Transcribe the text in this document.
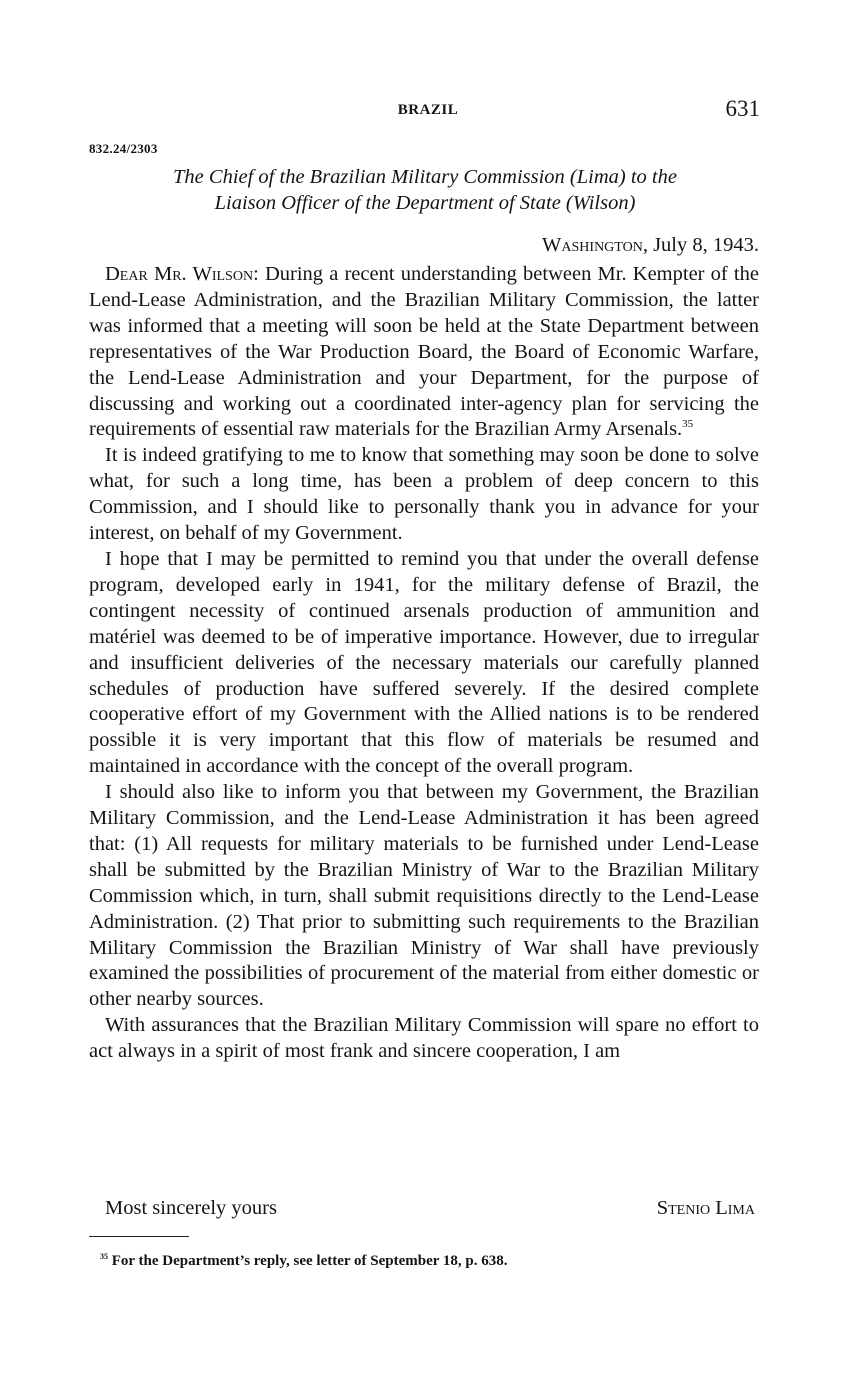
BRAZIL	631
832.24/2303
The Chief of the Brazilian Military Commission (Lima) to the
Liaison Officer of the Department of State (Wilson)
Washington, July 8, 1943.

Dear Mr. Wilson: During a recent understanding between Mr. Kempter of the Lend-Lease Administration, and the Brazilian Military Commission, the latter was informed that a meeting will soon be held at the State Department between representatives of the War Production Board, the Board of Economic Warfare, the Lend-Lease Administration and your Department, for the purpose of discussing and working out a coordinated inter-agency plan for servicing the requirements of essential raw materials for the Brazilian Army Arsenals.$^{35}$

It is indeed gratifying to me to know that something may soon be done to solve what, for such a long time, has been a problem of deep concern to this Commission, and I should like to personally thank you in advance for your interest, on behalf of my Government.

I hope that I may be permitted to remind you that under the overall defense program, developed early in 1941, for the military defense of Brazil, the contingent necessity of continued arsenals production of ammunition and matériel was deemed to be of imperative importance. However, due to irregular and insufficient deliveries of the necessary materials our carefully planned schedules of production have suffered severely. If the desired complete cooperative effort of my Government with the Allied nations is to be rendered possible it is very important that this flow of materials be resumed and maintained in accordance with the concept of the overall program.

I should also like to inform you that between my Government, the Brazilian Military Commission, and the Lend-Lease Administration it has been agreed that: (1) All requests for military materials to be furnished under Lend-Lease shall be submitted by the Brazilian Ministry of War to the Brazilian Military Commission which, in turn, shall submit requisitions directly to the Lend-Lease Administration. (2) That prior to submitting such requirements to the Brazilian Military Commission the Brazilian Ministry of War shall have previously examined the possibilities of procurement of the material from either domestic or other nearby sources.

With assurances that the Brazilian Military Commission will spare no effort to act always in a spirit of most frank and sincere cooperation, I am

Most sincerely yours	Stenio Lima
$^{35}$ For the Department’s reply, see letter of September 18, p. 638.
